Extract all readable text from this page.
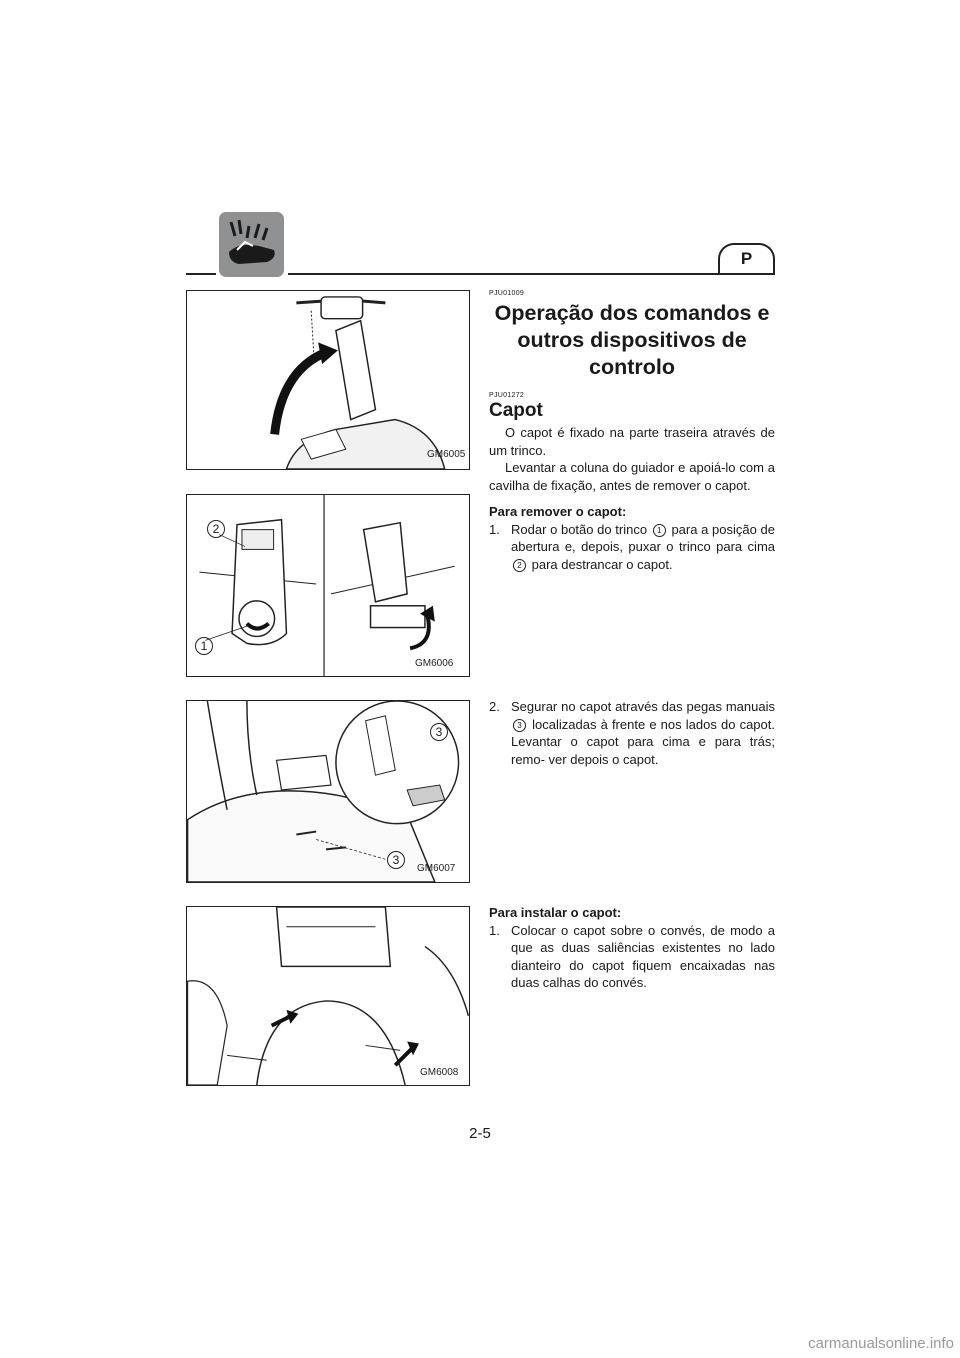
P
GM6005
1
2
GM6006
3
3
GM6007
GM6008
PJU01009
Operação dos comandos e
outros dispositivos de
controlo
PJU01272
Capot

O capot é fixado na parte traseira através de um trinco.

Levantar a coluna do guiador e apoiá-lo com a cavilha de fixação, antes de remover o capot.

Para remover o capot:

1. Rodar o botão do trinco 1 para a posição de abertura e, depois, puxar o trinco para cima 2 para destrancar o capot.
2. Segurar no capot através das pegas manuais 3 localizadas à frente e nos lados do capot. Levantar o capot para cima e para trás; remo- ver depois o capot.

Para instalar o capot:

1. Colocar o capot sobre o convés, de modo a que as duas saliências existentes no lado dianteiro do capot fiquem encaixadas nas duas calhas do convés.
2-5
carmanualsonline.info
